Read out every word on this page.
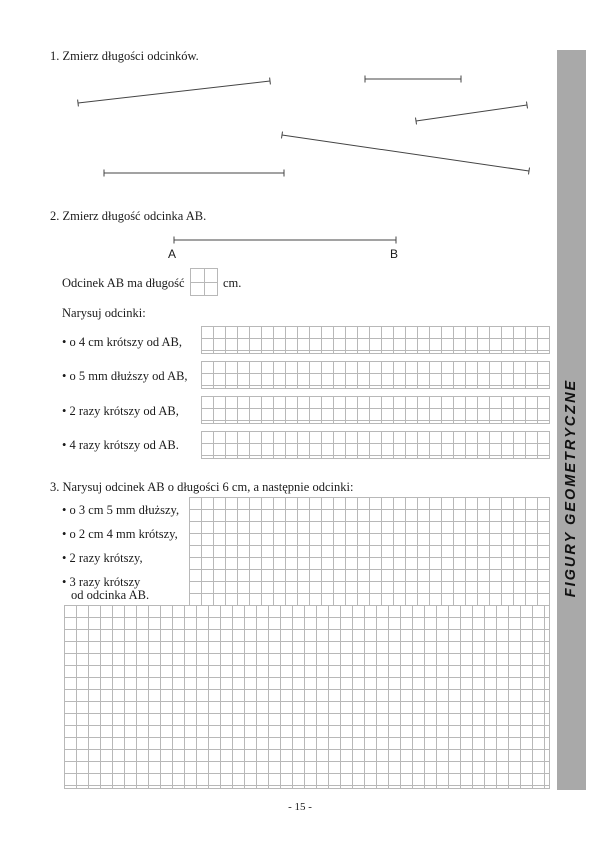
1. Zmierz długości odcinków.
2. Zmierz długość odcinka AB.
A	B
Odcinek AB ma długość	cm.
Narysuj odcinki:
• o 4 cm krótszy od AB,
• o 5 mm dłuższy od AB,
• 2 razy krótszy od AB,
• 4 razy krótszy od AB.
3. Narysuj odcinek AB o długości 6 cm, a następnie odcinki:
• o 3 cm 5 mm dłuższy,
• o 2 cm 4 mm krótszy,
• 2 razy krótszy,
• 3 razy krótszy
od odcinka AB.	FIGURY GEOMETRYCZNE
- 15 -
